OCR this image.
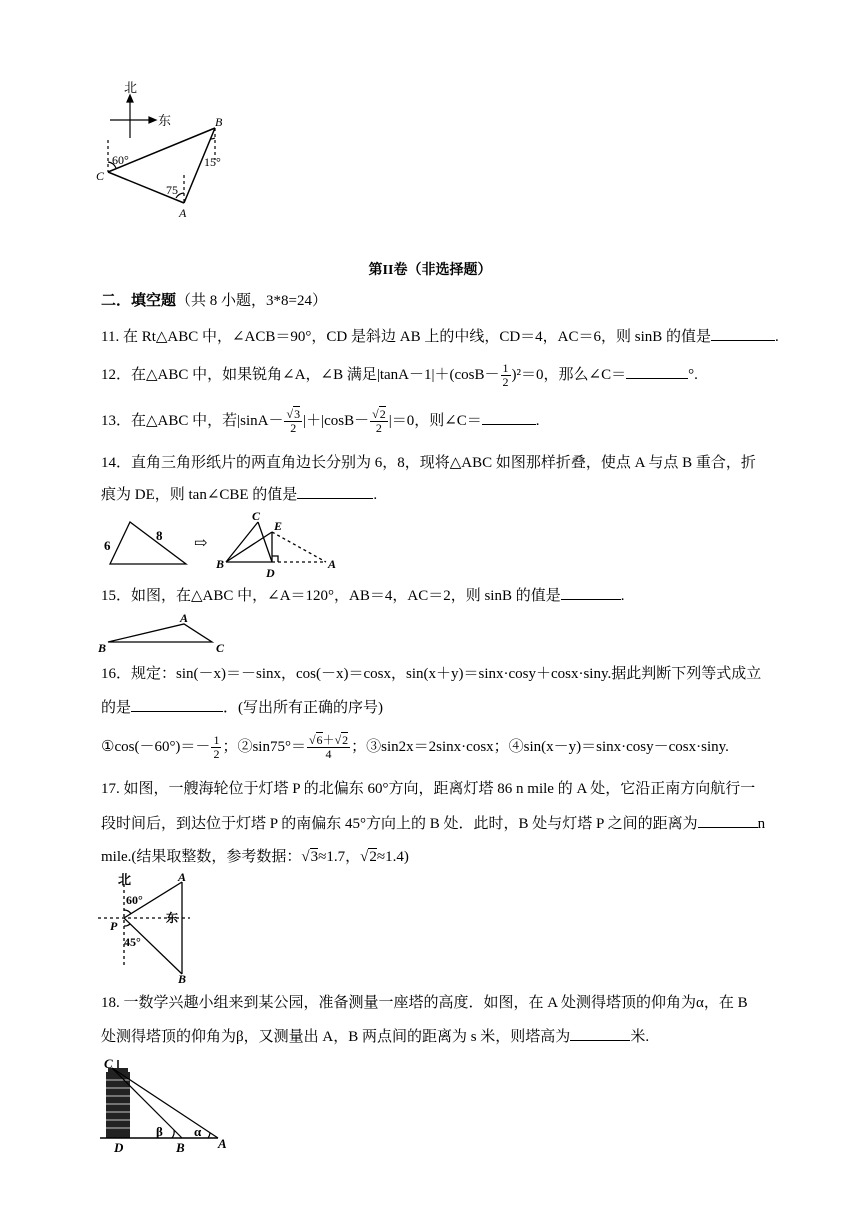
北
东	B
C
A
60°
75
15°
第II卷（非选择题）
二．填空题（共 8 小题，3*8=24）
11. 在 Rt△ABC 中，∠ACB＝90°，CD 是斜边 AB 上的中线，CD＝4，AC＝6，则 sinB 的值是	.
12．在△ABC 中，如果锐角∠A，∠B 满足$|\tan A-1|+(\cos B- \frac{1}{2} )^2=0$，那么∠C＝	°.
13．在△ABC 中，若$|\sin A- \frac{√3}{2} |+|\cos B- \frac{√2}{2} |=0$，则∠C＝	.
14．直角三角形纸片的两直角边长分别为 6，8，现将△ABC 如图那样折叠，使点 A 与点 B 重合，折
痕为 DE，则 tan∠CBE 的值是	.
6
8 ⇨
C
E
B
D
A
15．如图，在△ABC 中，∠A＝120°，AB＝4，AC＝2，则 sinB 的值是	.
A
B	C
16．规定：sin(－x)＝－sinx，cos(－x)＝cosx，sin(x＋y)＝sinx·cosy＋cosx·siny.据此判断下列等式成立
的是	．(写出所有正确的序号)
①cos(－60°)＝－ $\frac{1}{2}$ ；②sin75°＝ $\frac{√6+√2}{4}$ ；③sin2x＝2sinx·cosx；④sin(x－y)＝sinx·cosy－cosx·siny.
17. 如图，一艘海轮位于灯塔 P 的北偏东 60°方向，距离灯塔 86 n mile 的 A 处，它沿正南方向航行一
段时间后，到达位于灯塔 P 的南偏东 45°方向上的 B 处．此时，B 处与灯塔 P 之间的距离为	n
mile.(结果取整数，参考数据：√3≈1.7，√2≈1.4)
北
60°
东
P
45°
A
B
18. 一数学兴趣小组来到某公园，准备测量一座塔的高度．如图，在 A 处测得塔顶的仰角为α，在 B
处测得塔顶的仰角为β，又测量出 A，B 两点间的距离为 s 米，则塔高为	米.
C
D	B	A
β α
